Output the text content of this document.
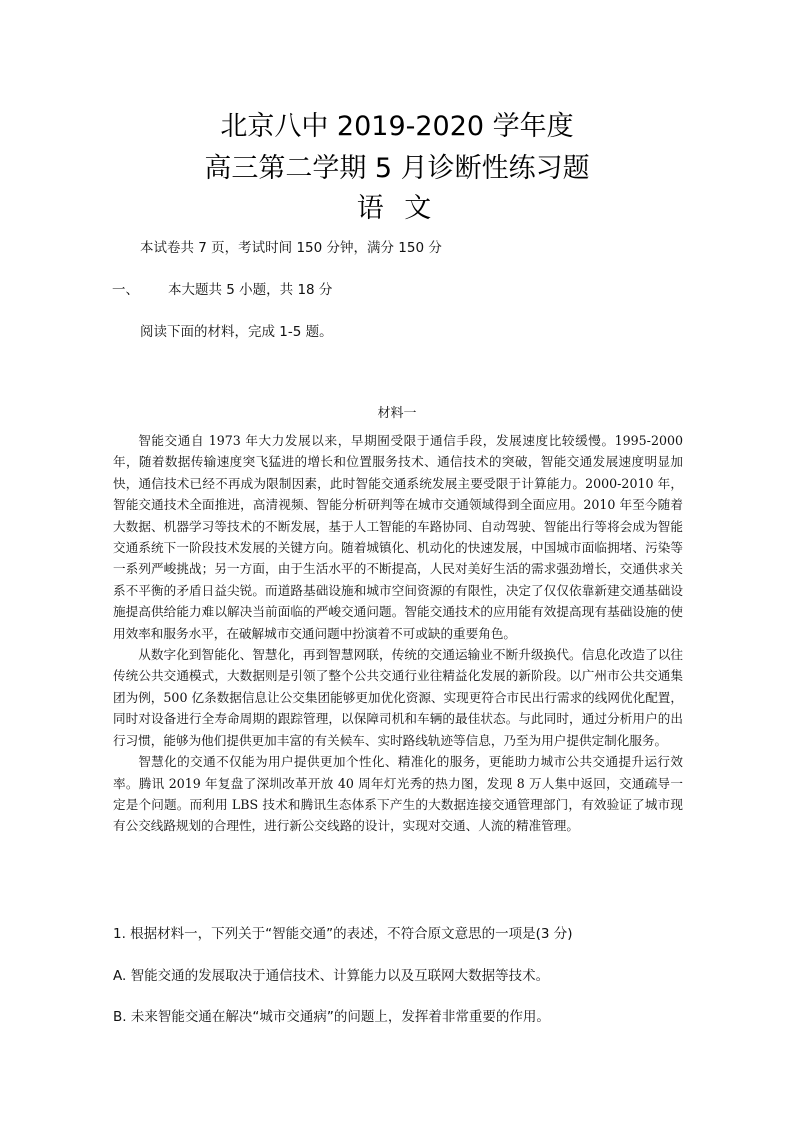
北京八中 2019-2020 学年度
高三第二学期 5 月诊断性练习题
语 文
本试卷共 7 页，考试时间 150 分钟，满分 150 分
一、 本大题共 5 小题，共 18 分
阅读下面的材料，完成 1-5 题。
材料一

智能交通自 1973 年大力发展以来，早期囿受限于通信手段，发展速度比较缓慢。1995-2000 年，随着数据传输速度突飞猛进的增长和位置服务技术、通信技术的突破，智能交通发展速度明显加快，通信技术已经不再成为限制因素，此时智能交通系统发展主要受限于计算能力。2000-2010 年，智能交通技术全面推进，高清视频、智能分析研判等在城市交通领域得到全面应用。2010 年至今随着大数据、机器学习等技术的不断发展，基于人工智能的车路协同、自动驾驶、智能出行等将会成为智能交通系统下一阶段技术发展的关键方向。随着城镇化、机动化的快速发展，中国城市面临拥堵、污染等一系列严峻挑战；另一方面，由于生活水平的不断提高，人民对美好生活的需求强劲增长，交通供求关系不平衡的矛盾日益尖锐。而道路基础设施和城市空间资源的有限性，决定了仅仅依靠新建交通基础设施提高供给能力难以解决当前面临的严峻交通问题。智能交通技术的应用能有效提高现有基础设施的使用效率和服务水平，在破解城市交通问题中扮演着不可或缺的重要角色。

从数字化到智能化、智慧化，再到智慧网联，传统的交通运输业不断升级换代。信息化改造了以往传统公共交通模式，大数据则是引领了整个公共交通行业往精益化发展的新阶段。以广州市公共交通集团为例，500 亿条数据信息让公交集团能够更加优化资源、实现更符合市民出行需求的线网优化配置，同时对设备进行全寿命周期的跟踪管理，以保障司机和车辆的最佳状态。与此同时，通过分析用户的出行习惯，能够为他们提供更加丰富的有关候车、实时路线轨迹等信息，乃至为用户提供定制化服务。

智慧化的交通不仅能为用户提供更加个性化、精准化的服务，更能助力城市公共交通提升运行效率。腾讯 2019 年复盘了深圳改革开放 40 周年灯光秀的热力图，发现 8 万人集中返回，交通疏导一定是个问题。而利用 LBS 技术和腾讯生态体系下产生的大数据连接交通管理部门，有效验证了城市现有公交线路规划的合理性，进行新公交线路的设计，实现对交通、人流的精准管理。

1. 根据材料一，下列关于“智能交通”的表述，不符合原文意思的一项是(3 分)
A. 智能交通的发展取决于通信技术、计算能力以及互联网大数据等技术。
B. 未来智能交通在解决“城市交通病”的问题上，发挥着非常重要的作用。
